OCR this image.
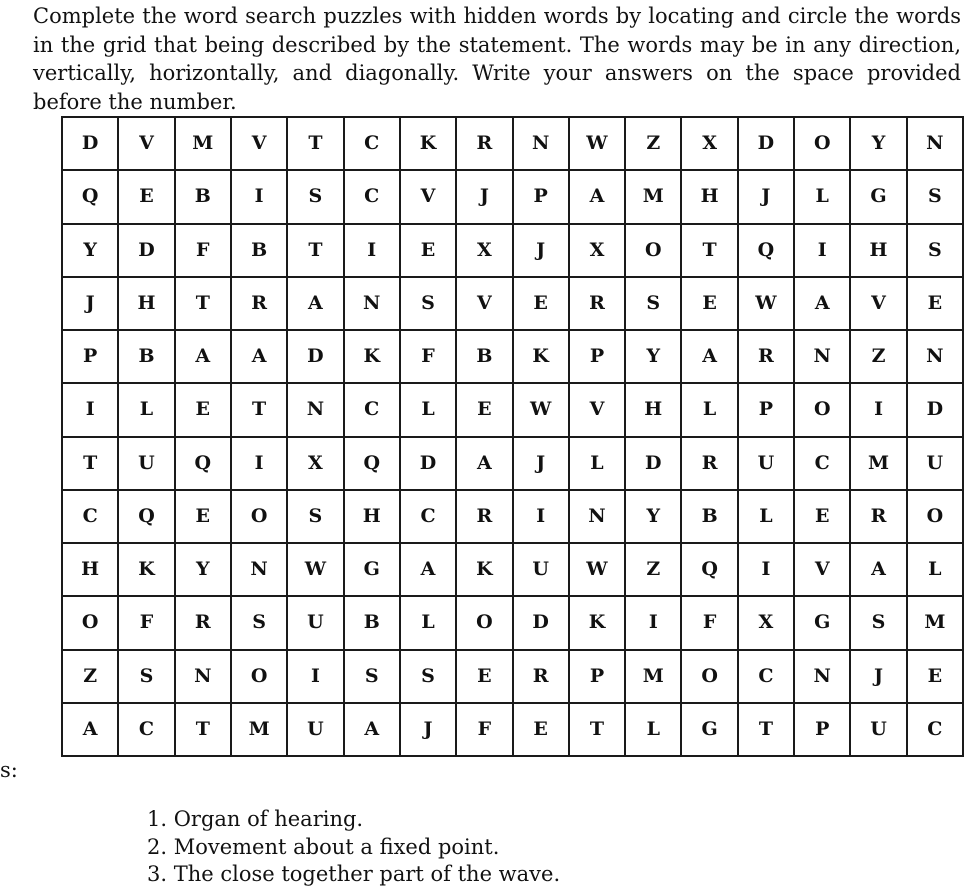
Complete the word search puzzles with hidden words by locating and circle the words in the grid that being described by the statement. The words may be in any direction, vertically, horizontally, and diagonally. Write your answers on the space provided before the number.

s:

D	V	M	V	T	C	K	R	N	W	Z	X	D	O	Y	N
Q	E	B	I	S	C	V	J	P	A	M	H	J	L	G	S
Y	D	F	B	T	I	E	X	J	X	O	T	Q	I	H	S
J	H	T	R	A	N	S	V	E	R	S	E	W	A	V	E
P	B	A	A	D	K	F	B	K	P	Y	A	R	N	Z	N
I	L	E	T	N	C	L	E	W	V	H	L	P	O	I	D
T	U	Q	I	X	Q	D	A	J	L	D	R	U	C	M	U
C	Q	E	O	S	H	C	R	I	N	Y	B	L	E	R	O
H	K	Y	N	W	G	A	K	U	W	Z	Q	I	V	A	L
O	F	R	S	U	B	L	O	D	K	I	F	X	G	S	M
Z	S	N	O	I	S	S	E	R	P	M	O	C	N	J	E
A	C	T	M	U	A	J	F	E	T	L	G	T	P	U	C
1. Organ of hearing.
2. Movement about a fixed point.
3. The close together part of the wave.
